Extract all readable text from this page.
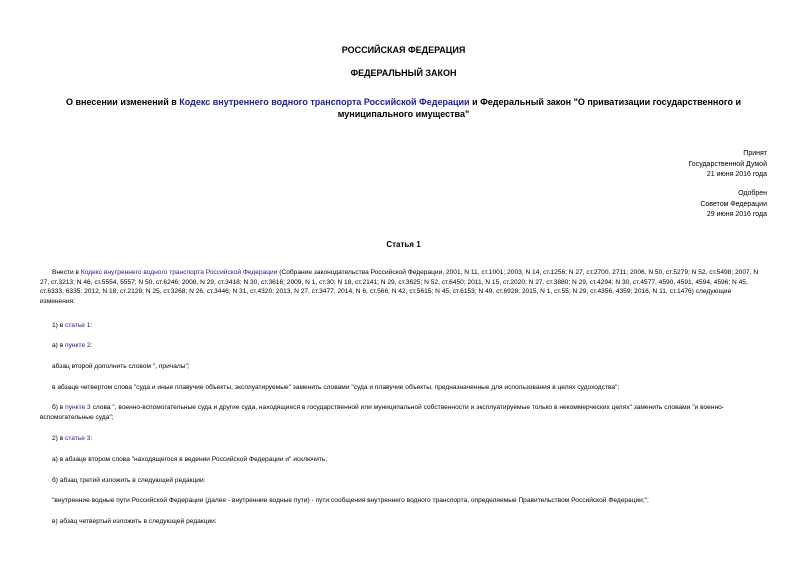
РОССИЙСКАЯ ФЕДЕРАЦИЯ
ФЕДЕРАЛЬНЫЙ ЗАКОН
О внесении изменений в Кодекс внутреннего водного транспорта Российской Федерации и Федеральный закон "О приватизации государственного и муниципального имущества"
Принят
Государственной Думой
21 июня 2016 года
Одобрен
Советом Федерации
29 июня 2016 года
Статья 1
Внести в Кодекс внутреннего водного транспорта Российской Федерации (Собрание законодательства Российской Федерации, 2001, N 11, ст.1001; 2003, N 14, ст.1256; N 27, ст.2700, 2711; 2006, N 50, ст.5279; N 52, ст.5498; 2007, N 27, ст.3213; N 46, ст.5554, 5557; N 50, ст.6246; 2008, N 29, ст.3418; N 30, ст.3616; 2009, N 1, ст.30; N 18, ст.2141; N 29, ст.3625; N 52, ст.6450; 2011, N 15, ст.2020; N 27, ст.3880; N 29, ст.4294; N 30, ст.4577, 4590, 4591, 4594, 4596; N 45, ст.6333, 6335; 2012, N 18, ст.2128; N 25, ст.3268; N 26, ст.3446; N 31, ст.4320; 2013, N 27, ст.3477; 2014, N 6, ст.566; N 42, ст.5615; N 45, ст.6153; N 49, ст.6928; 2015, N 1, ст.55; N 29, ст.4356, 4359; 2016, N 11, ст.1476) следующие изменения:
1) в статье 1:
а) в пункте 2:
абзац второй дополнить словом ", причалы";
в абзаце четвертом слова "суда и иные плавучие объекты, эксплуатируемые" заменить словами "суда и плавучие объекты, предназначенные для использования в целях судоходства";
б) в пункте 3 слова ", военно-вспомогательные суда и другие суда, находящиеся в государственной или муниципальной собственности и эксплуатируемые только в некоммерческих целях" заменить словами "и военно-вспомогательные суда";
2) в статье 3:
а) в абзаце втором слова "находящегося в ведении Российской Федерации и" исключить;
б) абзац третий изложить в следующей редакции:
"внутренние водные пути Российской Федерации (далее - внутренние водные пути) - пути сообщения внутреннего водного транспорта, определяемые Правительством Российской Федерации;";
в) абзац четвертый изложить в следующей редакции:
